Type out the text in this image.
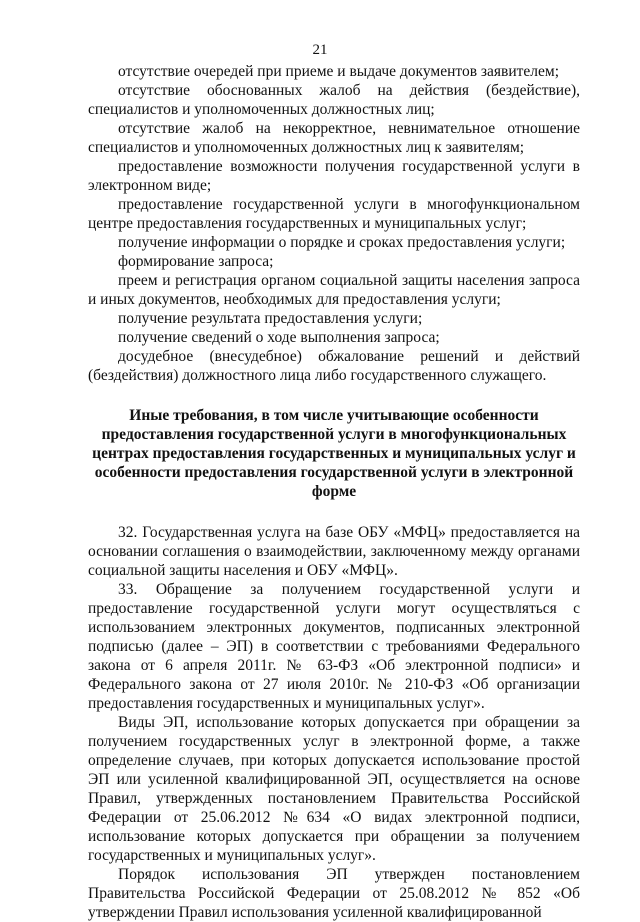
21

отсутствие очередей при приеме и выдаче документов заявителем;

отсутствие обоснованных жалоб на действия (бездействие), специалистов и уполномоченных должностных лиц;

отсутствие жалоб на некорректное, невнимательное отношение специалистов и уполномоченных должностных лиц к заявителям;

предоставление возможности получения государственной услуги в электронном виде;

предоставление государственной услуги в многофункциональном центре предоставления государственных и муниципальных услуг;

получение информации о порядке и сроках предоставления услуги;

формирование запроса;

преем и регистрация органом социальной защиты населения запроса и иных документов, необходимых для предоставления услуги;

получение результата предоставления услуги;

получение сведений о ходе выполнения запроса;

досудебное (внесудебное) обжалование решений и действий (бездействия) должностного лица либо государственного служащего.

Иные требования, в том числе учитывающие особенности предоставления государственной услуги в многофункциональных центрах предоставления государственных и муниципальных услуг и особенности предоставления государственной услуги в электронной форме

32. Государственная услуга на базе ОБУ «МФЦ» предоставляется на основании соглашения о взаимодействии, заключенному между органами социальной защиты населения и ОБУ «МФЦ».

33. Обращение за получением государственной услуги и предоставление государственной услуги могут осуществляться с использованием электронных документов, подписанных электронной подписью (далее – ЭП) в соответствии с требованиями Федерального закона от 6 апреля 2011г. № 63-ФЗ «Об электронной подписи» и Федерального закона от 27 июля 2010г. № 210-ФЗ «Об организации предоставления государственных и муниципальных услуг».

Виды ЭП, использование которых допускается при обращении за получением государственных услуг в электронной форме, а также определение случаев, при которых допускается использование простой ЭП или усиленной квалифицированной ЭП, осуществляется на основе Правил, утвержденных постановлением Правительства Российской Федерации от 25.06.2012 №634 «О видах электронной подписи, использование которых допускается при обращении за получением государственных и муниципальных услуг».

Порядок использования ЭП утвержден постановлением Правительства Российской Федерации от 25.08.2012 № 852 «Об утверждении Правил использования усиленной квалифицированной
